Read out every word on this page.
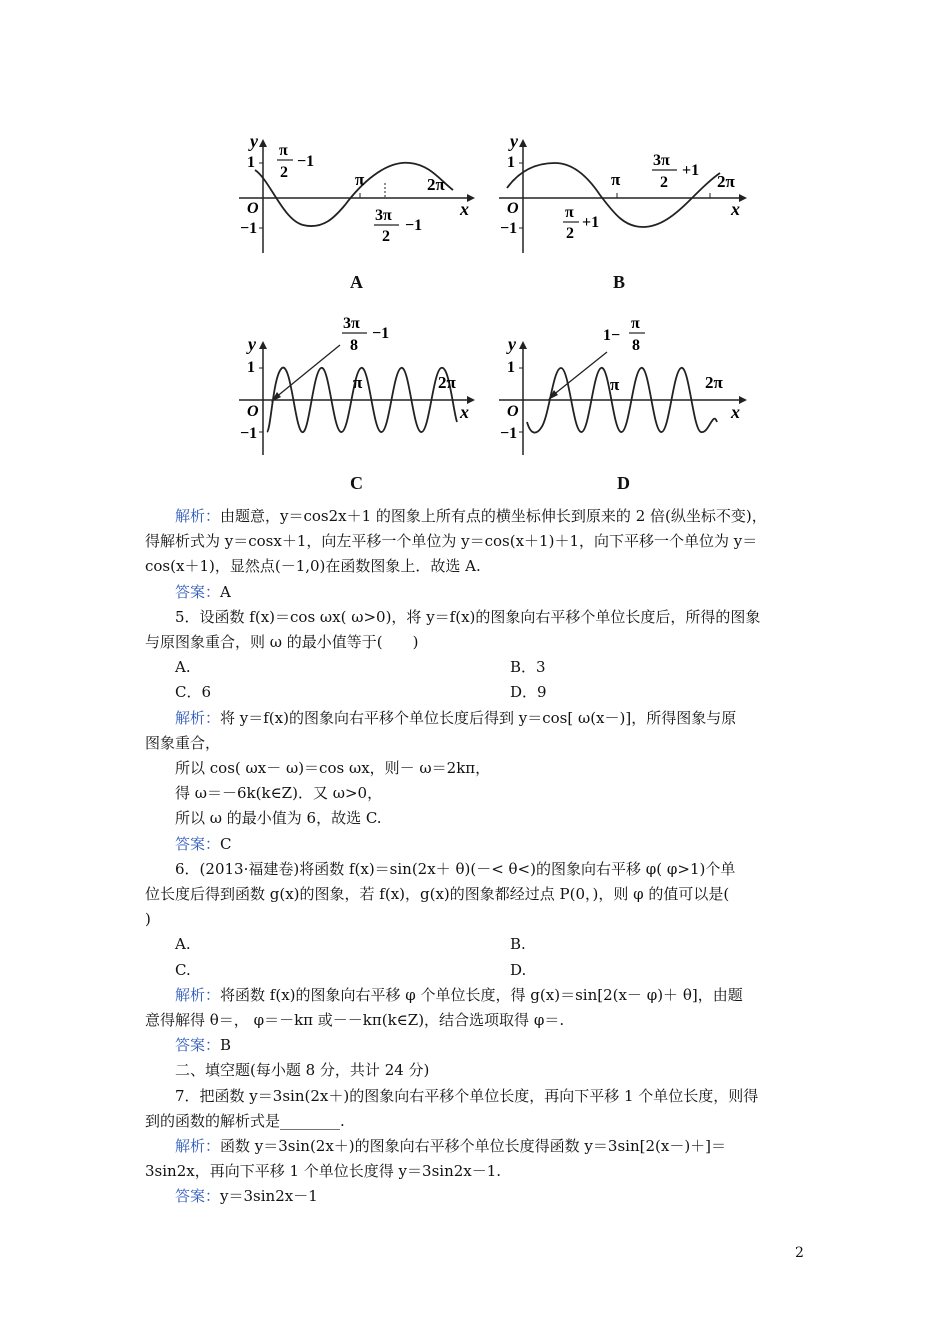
y
1
−1
O	x
π	2π
π
2
−1
3π
2
−1
A
y
1
−1
O	x
π	2π
π
2
+1
3π
2
+1
B
y
1
−1
O	x
π	2π
3π
8
−1
C
y
1
−1
O	x
π	2π
1−
π
8
D

解析：由题意，y＝cos2x＋1 的图象上所有点的横坐标伸长到原来的 2 倍(纵坐标不变)，

得解析式为 y＝cosx＋1，向左平移一个单位为 y＝cos(x＋1)＋1，向下平移一个单位为 y＝

cos(x＋1)，显然点(－1,0)在函数图象上．故选 A.

答案：A

5．设函数 f(x)＝cos ωx( ω>0)，将 y＝f(x)的图象向右平移个单位长度后，所得的图象

与原图象重合，则 ω 的最小值等于(　　)

A.	B．3

C．6	D．9

解析：将 y＝f(x)的图象向右平移个单位长度后得到 y＝cos[ ω(x－)]，所得图象与原

图象重合，

所以 cos( ωx－ ω)＝cos ωx，则－ ω＝2kπ，

得 ω＝－6k(k∈Z)．又 ω>0，

所以 ω 的最小值为 6，故选 C.

答案：C

6．(2013·福建卷)将函数 f(x)＝sin(2x＋ θ)(－< θ<)的图象向右平移 φ( φ>1)个单

位长度后得到函数 g(x)的图象，若 f(x)，g(x)的图象都经过点 P(0，)，则 φ 的值可以是(

)

A.	B.

C.	D.

解析：将函数 f(x)的图象向右平移 φ 个单位长度，得 g(x)＝sin[2(x－ φ)＋ θ]，由题

意得解得 θ＝， φ＝－kπ 或－－kπ(k∈Z)，结合选项取得 φ＝.

答案：B

二、填空题(每小题 8 分，共计 24 分)

7．把函数 y＝3sin(2x＋)的图象向右平移个单位长度，再向下平移 1 个单位长度，则得

到的函数的解析式是________.

解析：函数 y＝3sin(2x＋)的图象向右平移个单位长度得函数 y＝3sin[2(x－)＋]＝

3sin2x，再向下平移 1 个单位长度得 y＝3sin2x－1.

答案：y＝3sin2x－1

2
